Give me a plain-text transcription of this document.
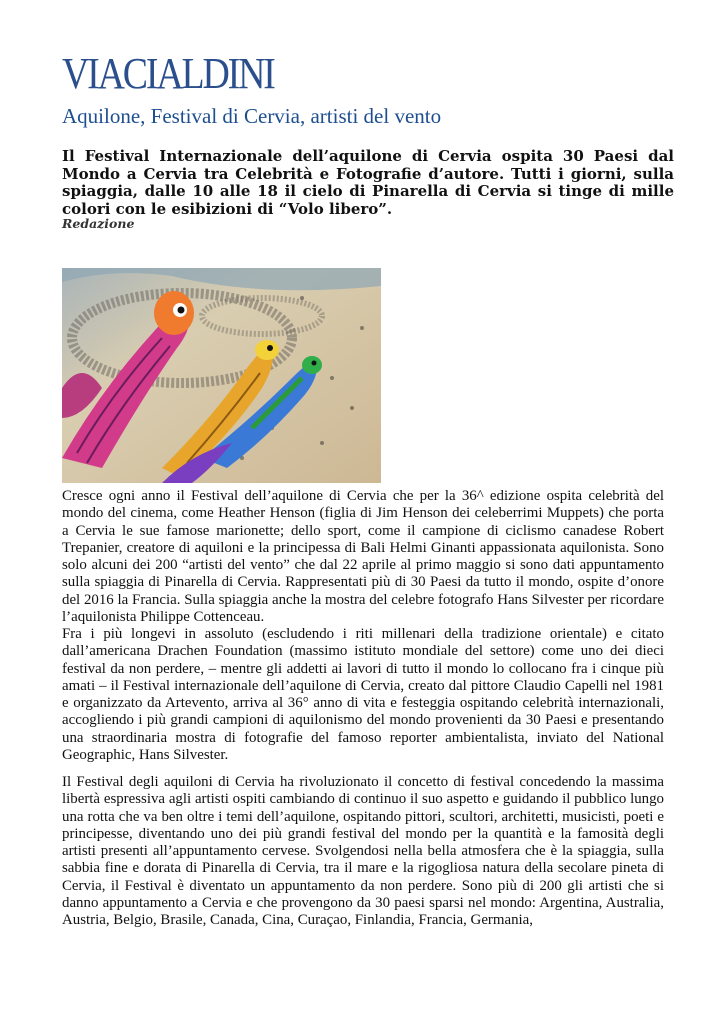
VIACIALDINI
Aquilone, Festival di Cervia, artisti del vento

Il Festival Internazionale dell’aquilone di Cervia ospita 30 Paesi dal Mondo a Cervia tra Celebrità e Fotografie d’autore. Tutti i giorni, sulla spiaggia, dalle 10 alle 18 il cielo di Pinarella di Cervia si tinge di mille colori con le esibizioni di “Volo libero”.

Redazione

Cresce ogni anno il Festival dell’aquilone di Cervia che per la 36^ edizione ospita celebrità del mondo del cinema, come Heather Henson (figlia di Jim Henson dei celeberrimi Muppets) che porta a Cervia le sue famose marionette; dello sport, come il campione di ciclismo canadese Robert Trepanier, creatore di aquiloni e la principessa di Bali Helmi Ginanti appassionata aquilonista. Sono solo alcuni dei 200 “artisti del vento” che dal 22 aprile al primo maggio si sono dati appuntamento sulla spiaggia di Pinarella di Cervia. Rappresentati più di 30 Paesi da tutto il mondo, ospite d’onore del 2016 la Francia. Sulla spiaggia anche la mostra del celebre fotografo Hans Silvester per ricordare l’aquilonista Philippe Cottenceau.
Fra i più longevi in assoluto (escludendo i riti millenari della tradizione orientale) e citato dall’americana Drachen Foundation (massimo istituto mondiale del settore) come uno dei dieci festival da non perdere, – mentre gli addetti ai lavori di tutto il mondo lo collocano fra i cinque più amati – il Festival internazionale dell’aquilone di Cervia, creato dal pittore Claudio Capelli nel 1981 e organizzato da Artevento, arriva al 36° anno di vita e festeggia ospitando celebrità internazionali, accogliendo i più grandi campioni di aquilonismo del mondo provenienti da 30 Paesi e presentando una straordinaria mostra di fotografie del famoso reporter ambientalista, inviato del National Geographic, Hans Silvester.

Il Festival degli aquiloni di Cervia ha rivoluzionato il concetto di festival concedendo la massima libertà espressiva agli artisti ospiti cambiando di continuo il suo aspetto e guidando il pubblico lungo una rotta che va ben oltre i temi dell’aquilone, ospitando pittori, scultori, architetti, musicisti, poeti e principesse, diventando uno dei più grandi festival del mondo per la quantità e la famosità degli artisti presenti all’appuntamento cervese. Svolgendosi nella bella atmosfera che è la spiaggia, sulla sabbia fine e dorata di Pinarella di Cervia, tra il mare e la rigogliosa natura della secolare pineta di Cervia, il Festival è diventato un appuntamento da non perdere. Sono più di 200 gli artisti che si danno appuntamento a Cervia e che provengono da 30 paesi sparsi nel mondo: Argentina, Australia, Austria, Belgio, Brasile, Canada, Cina, Curaçao, Finlandia, Francia, Germania,
